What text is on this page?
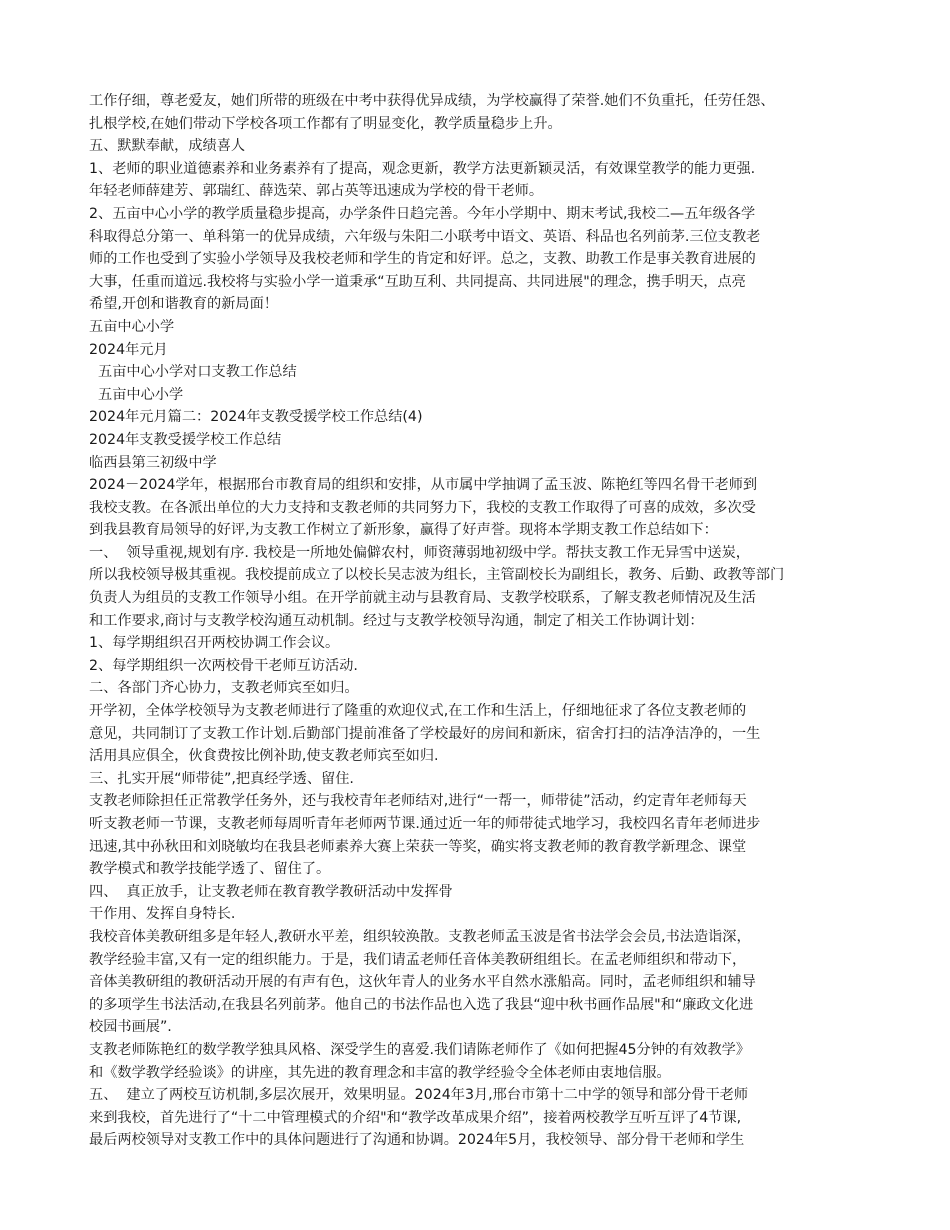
工作仔细，尊老爱友，她们所带的班级在中考中获得优异成绩，为学校赢得了荣誉.她们不负重托，任劳任怨、
扎根学校,在她们带动下学校各项工作都有了明显变化，教学质量稳步上升。
五、默默奉献，成绩喜人
1、老师的职业道德素养和业务素养有了提高，观念更新，教学方法更新颖灵活，有效课堂教学的能力更强.
年轻老师薛建芳、郭瑞红、薛选荣、郭占英等迅速成为学校的骨干老师。
2、五亩中心小学的教学质量稳步提高，办学条件日趋完善。今年小学期中、期末考试,我校二—五年级各学
科取得总分第一、单科第一的优异成绩，六年级与朱阳二小联考中语文、英语、科品也名列前茅.三位支教老
师的工作也受到了实验小学领导及我校老师和学生的肯定和好评。总之，支教、助教工作是事关教育进展的
大事，任重而道远.我校将与实验小学一道秉承“互助互利、共同提高、共同进展"的理念，携手明天，点亮
希望,开创和谐教育的新局面！
五亩中心小学
2024年元月
五亩中心小学对口支教工作总结
五亩中心小学
2024年元月篇二：2024年支教受援学校工作总结(4)
2024年支教受援学校工作总结
临西县第三初级中学
2024－2024学年，根据邢台市教育局的组织和安排，从市属中学抽调了孟玉波、陈艳红等四名骨干老师到
我校支教。在各派出单位的大力支持和支教老师的共同努力下，我校的支教工作取得了可喜的成效，多次受
到我县教育局领导的好评,为支教工作树立了新形象，赢得了好声誉。现将本学期支教工作总结如下：
一、  领导重视,规划有序. 我校是一所地处偏僻农村，师资薄弱地初级中学。帮扶支教工作无异雪中送炭，
所以我校领导极其重视。我校提前成立了以校长吴志波为组长，主管副校长为副组长，教务、后勤、政教等部门
负责人为组员的支教工作领导小组。在开学前就主动与县教育局、支教学校联系，了解支教老师情况及生活
和工作要求,商讨与支教学校沟通互动机制。经过与支教学校领导沟通，制定了相关工作协调计划：
1、每学期组织召开两校协调工作会议。
2、每学期组织一次两校骨干老师互访活动.
二、各部门齐心协力，支教老师宾至如归。
开学初，全体学校领导为支教老师进行了隆重的欢迎仪式,在工作和生活上，仔细地征求了各位支教老师的
意见，共同制订了支教工作计划.后勤部门提前准备了学校最好的房间和新床，宿舍打扫的洁净洁净的，一生
活用具应俱全，伙食费按比例补助,使支教老师宾至如归.
三、扎实开展“师带徒”,把真经学透、留住.
支教老师除担任正常教学任务外，还与我校青年老师结对,进行“一帮一，师带徒”活动，约定青年老师每天
听支教老师一节课，支教老师每周听青年老师两节课.通过近一年的师带徒式地学习，我校四名青年老师进步
迅速,其中孙秋田和刘晓敏均在我县老师素养大赛上荣获一等奖，确实将支教老师的教育教学新理念、课堂
教学模式和教学技能学透了、留住了。
四、  真正放手，让支教老师在教育教学教研活动中发挥骨
干作用、发挥自身特长.
我校音体美教研组多是年轻人,教研水平差，组织较涣散。支教老师孟玉波是省书法学会会员,书法造诣深，
教学经验丰富,又有一定的组织能力。于是，我们请孟老师任音体美教研组组长。在孟老师组织和带动下，
音体美教研组的教研活动开展的有声有色，这伙年青人的业务水平自然水涨船高。同时，孟老师组织和辅导
的多项学生书法活动,在我县名列前茅。他自己的书法作品也入选了我县“迎中秋书画作品展"和“廉政文化进
校园书画展”.
支教老师陈艳红的数学教学独具风格、深受学生的喜爱.我们请陈老师作了《如何把握45分钟的有效教学》
和《数学教学经验谈》的讲座，其先进的教育理念和丰富的教学经验令全体老师由衷地信服。
五、  建立了两校互访机制,多层次展开，效果明显。2024年3月,邢台市第十二中学的领导和部分骨干老师
来到我校，首先进行了“十二中管理模式的介绍"和“教学改革成果介绍”，接着两校教学互听互评了4节课,
最后两校领导对支教工作中的具体问题进行了沟通和协调。2024年5月，我校领导、部分骨干老师和学生
